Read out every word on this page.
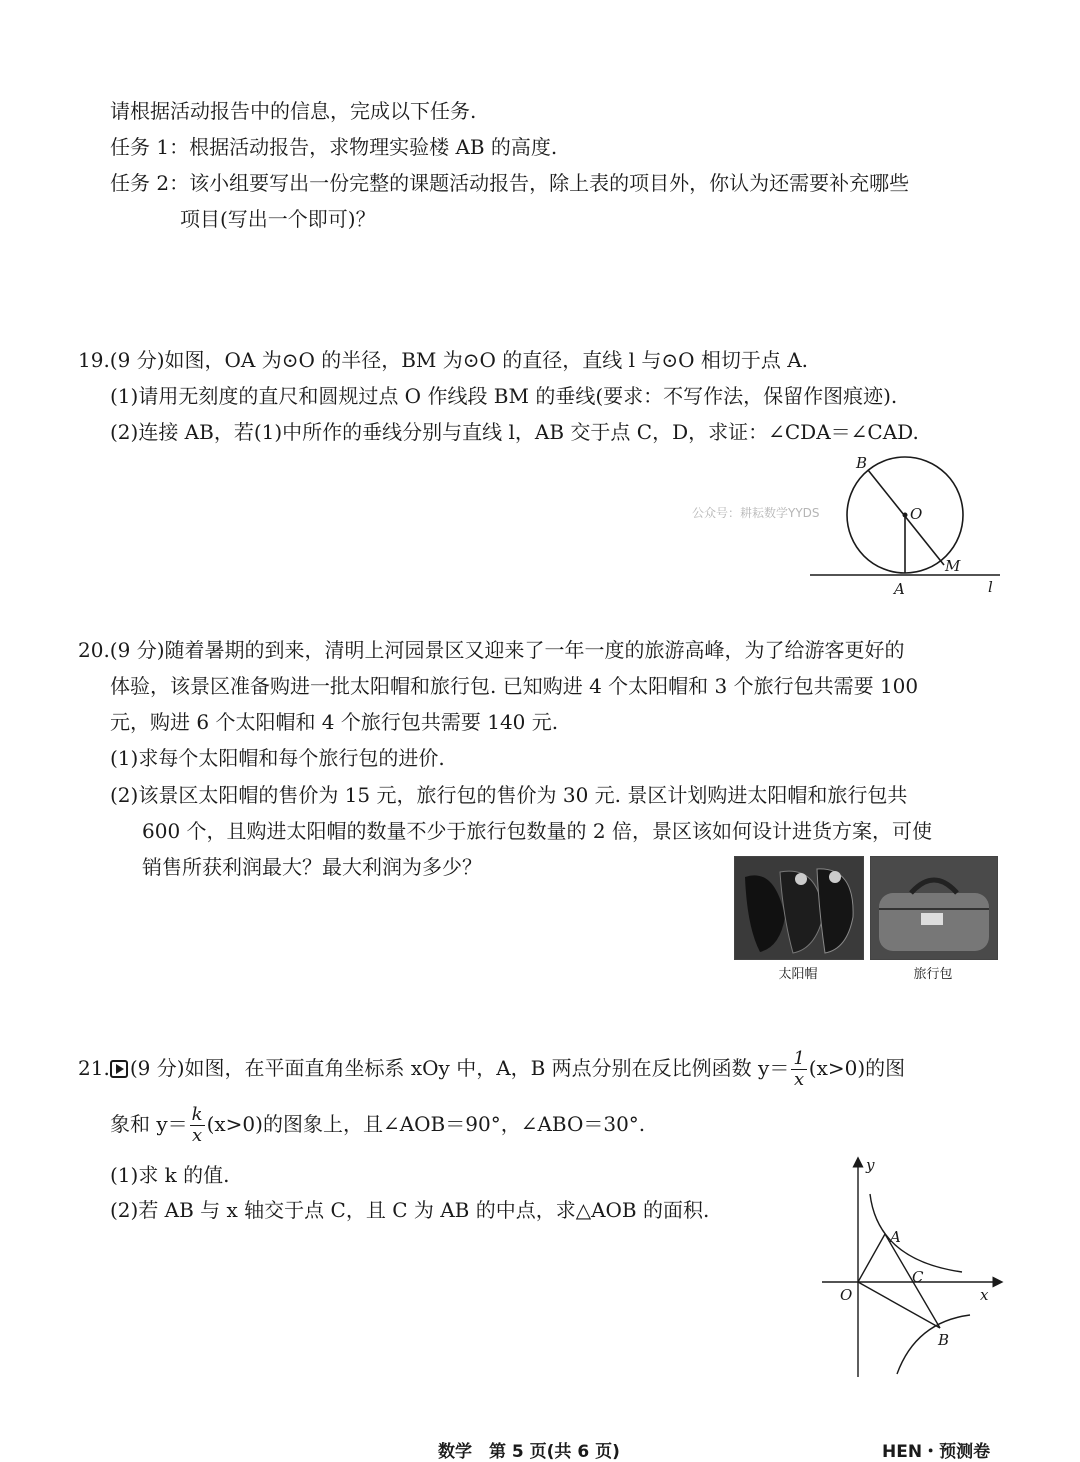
请根据活动报告中的信息，完成以下任务.
任务 1：根据活动报告，求物理实验楼 AB 的高度.
任务 2：该小组要写出一份完整的课题活动报告，除上表的项目外，你认为还需要补充哪些
项目(写出一个即可)？
19.(9 分)如图，OA 为⊙O 的半径，BM 为⊙O 的直径，直线 l 与⊙O 相切于点 A.
(1)请用无刻度的直尺和圆规过点 O 作线段 BM 的垂线(要求：不写作法，保留作图痕迹).
(2)连接 AB，若(1)中所作的垂线分别与直线 l，AB 交于点 C，D，求证：∠CDA＝∠CAD.
公众号：耕耘数学YYDS
B
O
M
A	l
20.(9 分)随着暑期的到来，清明上河园景区又迎来了一年一度的旅游高峰，为了给游客更好的
体验，该景区准备购进一批太阳帽和旅行包. 已知购进 4 个太阳帽和 3 个旅行包共需要 100
元，购进 6 个太阳帽和 4 个旅行包共需要 140 元.
(1)求每个太阳帽和每个旅行包的进价.
(2)该景区太阳帽的售价为 15 元，旅行包的售价为 30 元. 景区计划购进太阳帽和旅行包共
600 个，且购进太阳帽的数量不少于旅行包数量的 2 倍，景区该如何设计进货方案，可使
销售所获利润最大？最大利润为多少？
太阳帽	旅行包
21. (9 分)如图，在平面直角坐标系 xOy 中，A，B 两点分别在反比例函数 $y= \frac{1}{x} (x>0)$的图
象和 $y= \frac{k}{x} (x>0)$的图象上，且∠AOB＝90°，∠ABO＝30°.
(1)求 k 的值.
(2)若 AB 与 x 轴交于点 C，且 C 为 AB 的中点，求△AOB 的面积.
x
y
O
A
C
B
数学　第 5 页(共 6 页)	HEN・预测卷
